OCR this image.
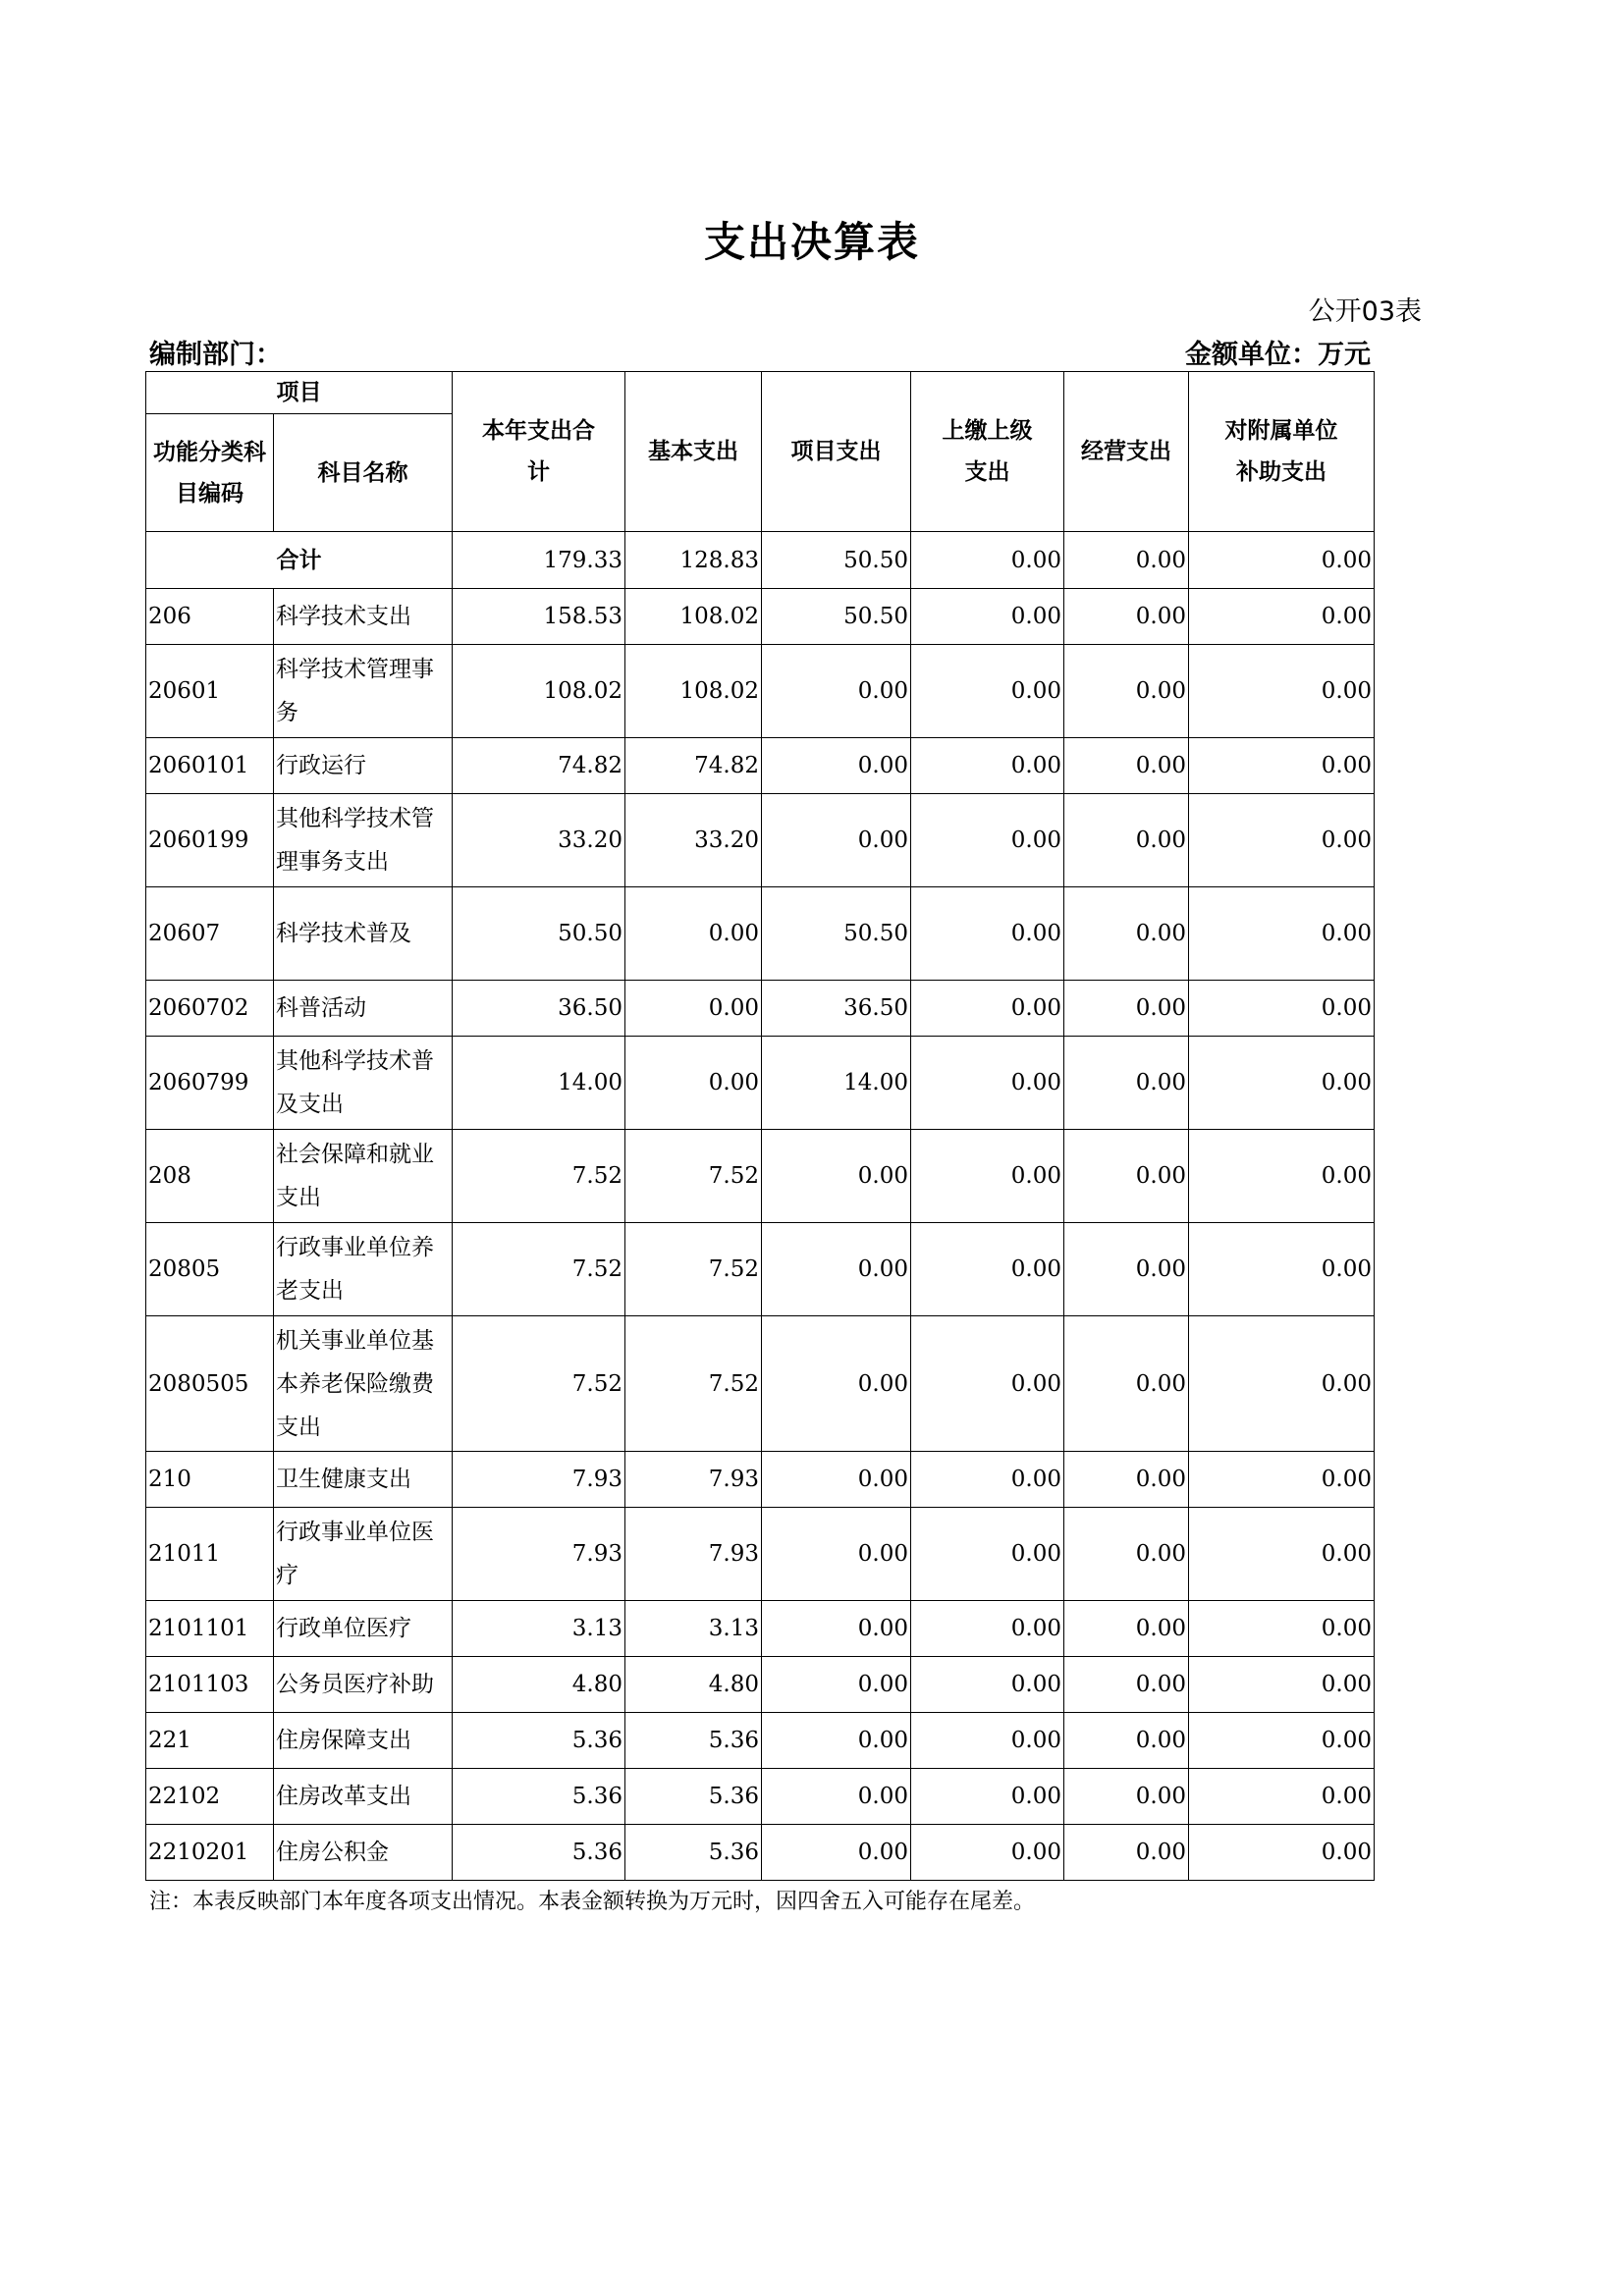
支出决算表
公开03表
编制部门：	金额单位：万元
项目		本年支出合计	基本支出	项目支出	上缴上级支出	经营支出	对附属单位补助支出

功能分类科目编码	科目名称						
合计		179.33	128.83	50.50	0.00	0.00	0.00
206	科学技术支出	158.53	108.02	50.50	0.00	0.00	0.00
20601	科学技术管理事务	108.02	108.02	0.00	0.00	0.00	0.00
2060101	行政运行	74.82	74.82	0.00	0.00	0.00	0.00
2060199	其他科学技术管理事务支出	33.20	33.20	0.00	0.00	0.00	0.00
20607	科学技术普及	50.50	0.00	50.50	0.00	0.00	0.00
2060702	科普活动	36.50	0.00	36.50	0.00	0.00	0.00
2060799	其他科学技术普及支出	14.00	0.00	14.00	0.00	0.00	0.00
208	社会保障和就业支出	7.52	7.52	0.00	0.00	0.00	0.00
20805	行政事业单位养老支出	7.52	7.52	0.00	0.00	0.00	0.00
2080505	机关事业单位基本养老保险缴费支出	7.52	7.52	0.00	0.00	0.00	0.00
210	卫生健康支出	7.93	7.93	0.00	0.00	0.00	0.00
21011	行政事业单位医疗	7.93	7.93	0.00	0.00	0.00	0.00
2101101	行政单位医疗	3.13	3.13	0.00	0.00	0.00	0.00
2101103	公务员医疗补助	4.80	4.80	0.00	0.00	0.00	0.00
221	住房保障支出	5.36	5.36	0.00	0.00	0.00	0.00
22102	住房改革支出	5.36	5.36	0.00	0.00	0.00	0.00
2210201	住房公积金	5.36	5.36	0.00	0.00	0.00	0.00
注：本表反映部门本年度各项支出情况。本表金额转换为万元时，因四舍五入可能存在尾差。
